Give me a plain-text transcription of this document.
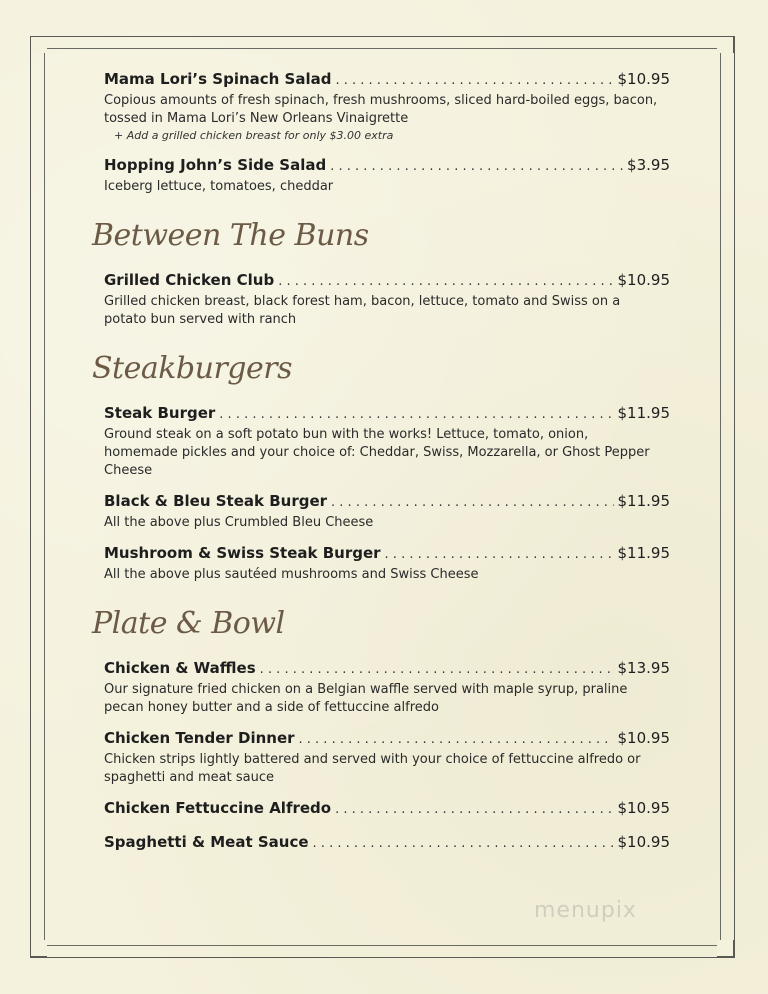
Mama Lori’s Spinach Salad . . .	$10.95
Copious amounts of fresh spinach, fresh mushrooms, sliced hard-boiled eggs, bacon, tossed in Mama Lori’s New Orleans Vinaigrette
+ Add a grilled chicken breast for only $3.00 extra
Hopping John’s Side Salad . . .	$3.95
Iceberg lettuce, tomatoes, cheddar
Between The Buns
Grilled Chicken Club . . .	$10.95
Grilled chicken breast, black forest ham, bacon, lettuce, tomato and Swiss on a potato bun served with ranch
Steakburgers
Steak Burger . . .	$11.95
Ground steak on a soft potato bun with the works! Lettuce, tomato, onion, homemade pickles and your choice of: Cheddar, Swiss, Mozzarella, or Ghost Pepper Cheese
Black & Bleu Steak Burger . . .	$11.95
All the above plus Crumbled Bleu Cheese
Mushroom & Swiss Steak Burger . . .	$11.95
All the above plus sautéed mushrooms and Swiss Cheese
Plate & Bowl
Chicken & Waffles . . .	$13.95
Our signature fried chicken on a Belgian waffle served with maple syrup, praline pecan honey butter and a side of fettuccine alfredo
Chicken Tender Dinner . . .	$10.95
Chicken strips lightly battered and served with your choice of fettuccine alfredo or spaghetti and meat sauce
Chicken Fettuccine Alfredo . . .	$10.95
Spaghetti & Meat Sauce . . .	$10.95
menupix
